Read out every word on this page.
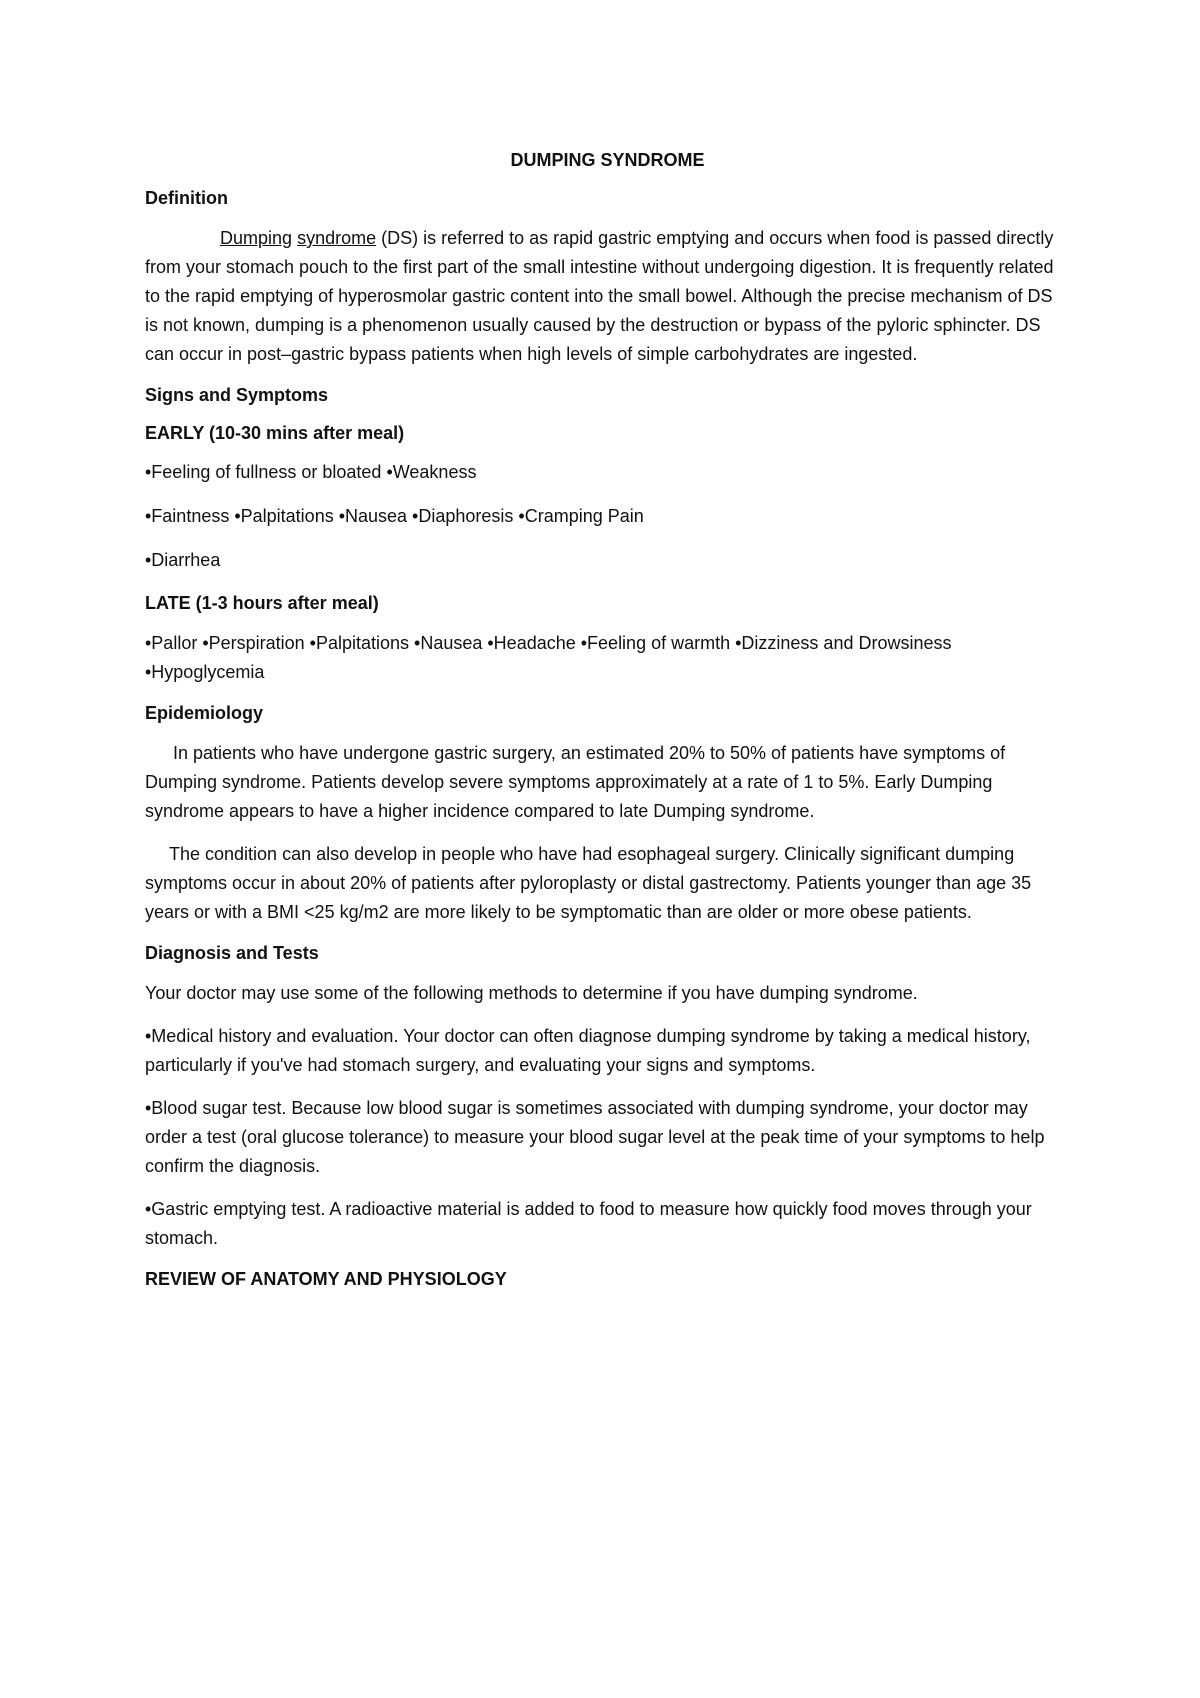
DUMPING SYNDROME
Definition
Dumping syndrome (DS) is referred to as rapid gastric emptying and occurs when food is passed directly from your stomach pouch to the first part of the small intestine without undergoing digestion. It is frequently related to the rapid emptying of hyperosmolar gastric content into the small bowel. Although the precise mechanism of DS is not known, dumping is a phenomenon usually caused by the destruction or bypass of the pyloric sphincter. DS can occur in post–gastric bypass patients when high levels of simple carbohydrates are ingested.
Signs and Symptoms
EARLY (10-30 mins after meal)
•Feeling of fullness or bloated •Weakness
•Faintness •Palpitations •Nausea •Diaphoresis •Cramping Pain
•Diarrhea
LATE (1-3 hours after meal)
•Pallor •Perspiration •Palpitations •Nausea •Headache •Feeling of warmth •Dizziness and Drowsiness •Hypoglycemia
Epidemiology
In patients who have undergone gastric surgery, an estimated 20% to 50% of patients have symptoms of Dumping syndrome. Patients develop severe symptoms approximately at a rate of 1 to 5%. Early Dumping syndrome appears to have a higher incidence compared to late Dumping syndrome.
The condition can also develop in people who have had esophageal surgery. Clinically significant dumping symptoms occur in about 20% of patients after pyloroplasty or distal gastrectomy. Patients younger than age 35 years or with a BMI <25 kg/m2 are more likely to be symptomatic than are older or more obese patients.
Diagnosis and Tests
Your doctor may use some of the following methods to determine if you have dumping syndrome.
•Medical history and evaluation. Your doctor can often diagnose dumping syndrome by taking a medical history, particularly if you've had stomach surgery, and evaluating your signs and symptoms.
•Blood sugar test. Because low blood sugar is sometimes associated with dumping syndrome, your doctor may order a test (oral glucose tolerance) to measure your blood sugar level at the peak time of your symptoms to help confirm the diagnosis.
•Gastric emptying test. A radioactive material is added to food to measure how quickly food moves through your stomach.
REVIEW OF ANATOMY AND PHYSIOLOGY
